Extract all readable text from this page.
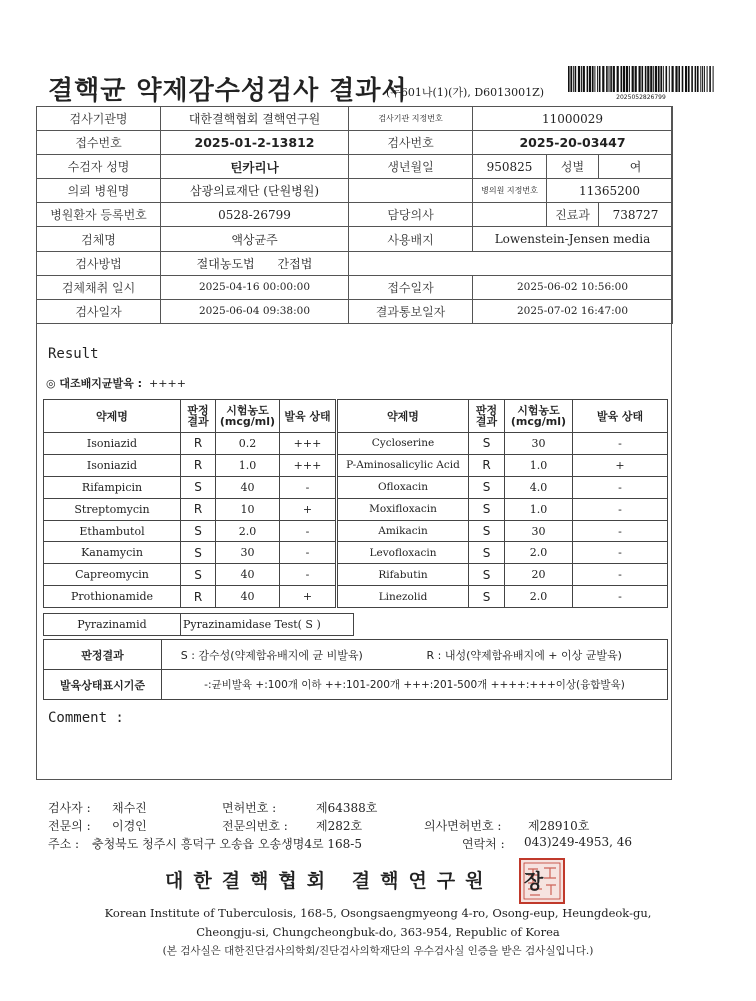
결핵균 약제감수성검사 결과서
(누601나(1)(가), D6013001Z)	2025052826799
검사기관명	대한결핵협회 결핵연구원	검사기관 지정번호	11000029		
접수번호	2025-01-2-13812	검사번호	2025-20-03447		
수검자 성명	틴카리나	생년월일	950825	성별	여
의뢰 병원명	삼광의료재단 (단원병원)		병의원 지정번호	11365200	
병원환자 등록번호	0528-26799	담당의사		진료과	738727
검체명	액상균주	사용배지	Lowenstein-Jensen media		
검사방법	절대농도법 간접법				
검체채취 일시	2025-04-16 00:00:00	접수일자	2025-06-02 10:56:00		
검사일자	2025-06-04 09:38:00	결과통보일자	2025-07-02 16:47:00		
Result
◎ 대조배지균발육 : ++++
약제명	판정 결과	시험농도 (mcg/ml)	발육 상태		약제명	판정 결과	시험농도 (mcg/ml)	발육 상태
Isoniazid	R	0.2	+++		Cycloserine	S	30	-
Isoniazid	R	1.0	+++		P-Aminosalicylic Acid	R	1.0	+
Rifampicin	S	40	-		Ofloxacin	S	4.0	-
Streptomycin	R	10	+		Moxifloxacin	S	1.0	-
Ethambutol	S	2.0	-		Amikacin	S	30	-
Kanamycin	S	30	-		Levofloxacin	S	2.0	-
Capreomycin	S	40	-		Rifabutin	S	20	-
Prothionamide	R	40	+		Linezolid	S	2.0	-
Pyrazinamid	Pyrazinamidase Test( S )
판정결과	S : 감수성(약제함유배지에 균 비발육)	R : 내성(약제함유배지에 + 이상 균발육)
발육상태표시기준	-:균비발육 +:100개 이하 ++:101-200개 +++:201-500개 ++++:+++이상(융합발육)	
Comment :
검사자 : 채수진	면허번호 :	제64388호
전문의 : 이경인	전문의번호 : 제282호	의사면허번호 : 제28910호
주소 : 충청북도 청주시 흥덕구 오송읍 오송생명4로 168-5	연락처 : 043)249-4953, 46
대한결핵협회 결핵연구원 장
Korean Institute of Tuberculosis, 168-5, Osongsaengmyeong 4-ro, Osong-eup, Heungdeok-gu,
Cheongju-si, Chungcheongbuk-do, 363-954, Republic of Korea
(본 검사실은 대한진단검사의학회/진단검사의학재단의 우수검사실 인증을 받은 검사실입니다.)
